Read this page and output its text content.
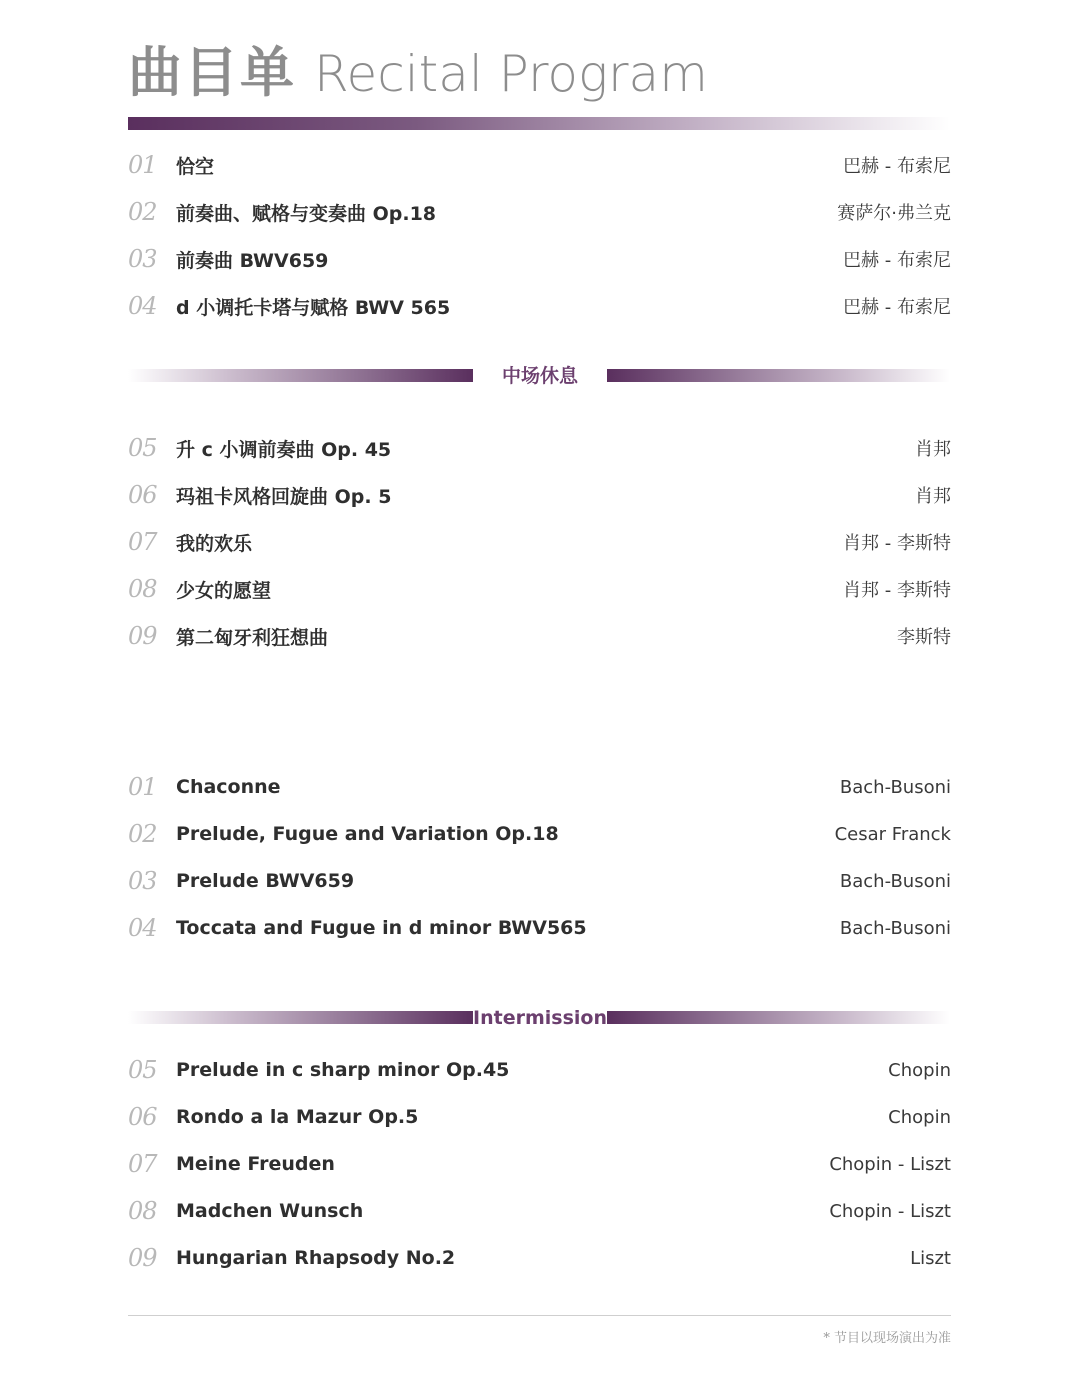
曲目单 Recital Program
01	恰空	巴赫 - 布索尼
02	前奏曲、赋格与变奏曲 Op.18	赛萨尔·弗兰克
03	前奏曲 BWV659	巴赫 - 布索尼
04	d 小调托卡塔与赋格 BWV 565	巴赫 - 布索尼
中场休息
05	升 c 小调前奏曲 Op. 45	肖邦
06	玛祖卡风格回旋曲 Op. 5	肖邦
07	我的欢乐	肖邦 - 李斯特
08	少女的愿望	肖邦 - 李斯特
09	第二匈牙利狂想曲	李斯特
01	Chaconne	Bach-Busoni
02	Prelude, Fugue and Variation Op.18	Cesar Franck
03	Prelude BWV659	Bach-Busoni
04	Toccata and Fugue in d minor BWV565	Bach-Busoni
Intermission
05	Prelude in c sharp minor Op.45	Chopin
06	Rondo a la Mazur Op.5	Chopin
07	Meine Freuden	Chopin - Liszt
08	Madchen Wunsch	Chopin - Liszt
09	Hungarian Rhapsody No.2	Liszt
* 节目以现场演出为准
